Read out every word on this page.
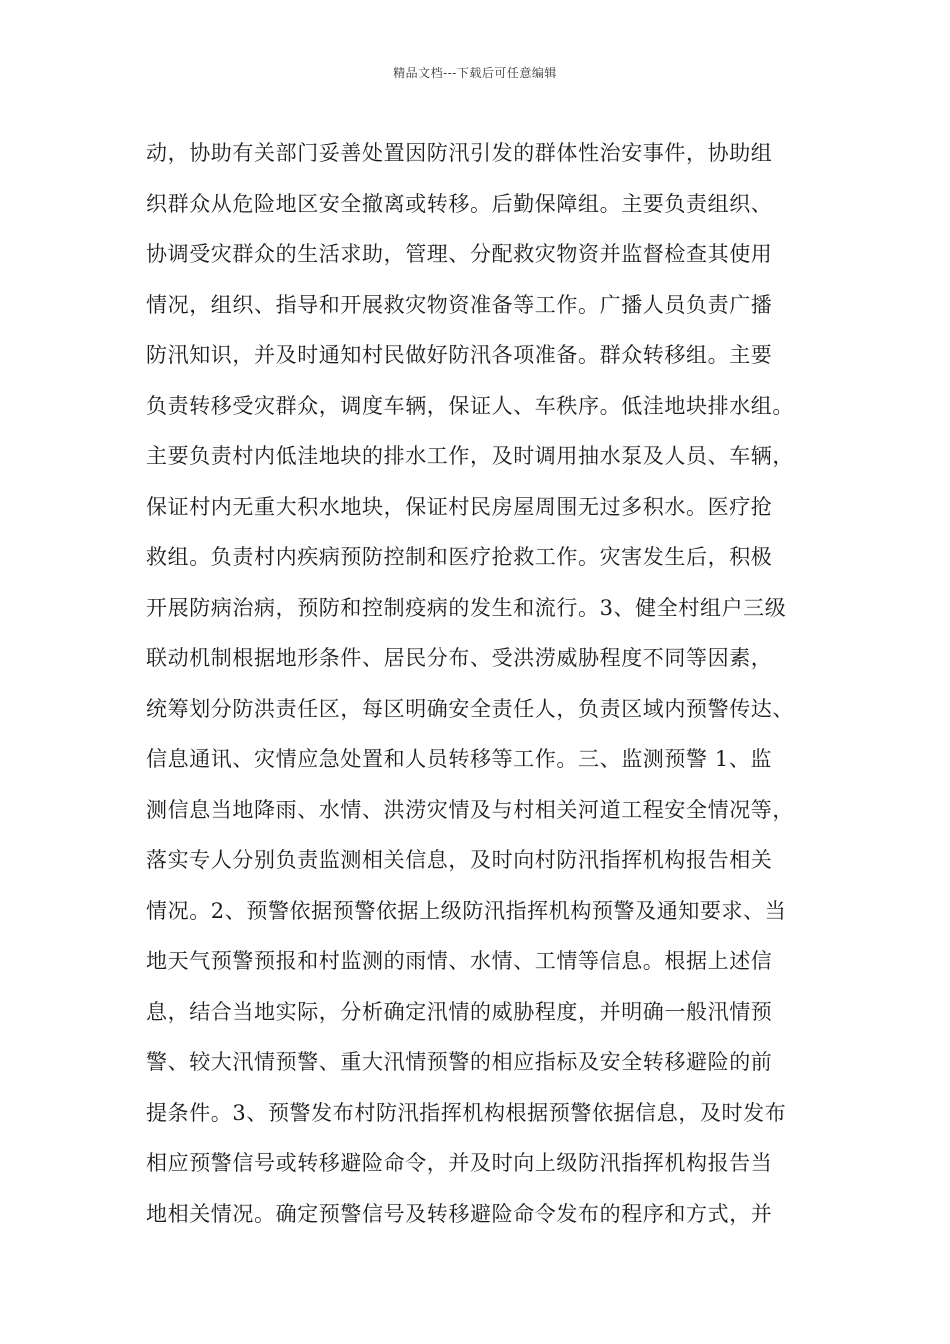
精品文档---下载后可任意编辑
动，协助有关部门妥善处置因防汛引发的群体性治安事件，协助组
织群众从危险地区安全撤离或转移。后勤保障组。主要负责组织、
协调受灾群众的生活求助，管理、分配救灾物资并监督检查其使用
情况，组织、指导和开展救灾物资准备等工作。广播人员负责广播
防汛知识，并及时通知村民做好防汛各项准备。群众转移组。主要
负责转移受灾群众，调度车辆，保证人、车秩序。低洼地块排水组。
主要负责村内低洼地块的排水工作，及时调用抽水泵及人员、车辆，
保证村内无重大积水地块，保证村民房屋周围无过多积水。医疗抢
救组。负责村内疾病预防控制和医疗抢救工作。灾害发生后，积极
开展防病治病，预防和控制疫病的发生和流行。3、健全村组户三级
联动机制根据地形条件、居民分布、受洪涝威胁程度不同等因素，
统筹划分防洪责任区，每区明确安全责任人，负责区域内预警传达、
信息通讯、灾情应急处置和人员转移等工作。三、监测预警 1、监
测信息当地降雨、水情、洪涝灾情及与村相关河道工程安全情况等，
落实专人分别负责监测相关信息，及时向村防汛指挥机构报告相关
情况。2、预警依据预警依据上级防汛指挥机构预警及通知要求、当
地天气预警预报和村监测的雨情、水情、工情等信息。根据上述信
息，结合当地实际，分析确定汛情的威胁程度，并明确一般汛情预
警、较大汛情预警、重大汛情预警的相应指标及安全转移避险的前
提条件。3、预警发布村防汛指挥机构根据预警依据信息，及时发布
相应预警信号或转移避险命令，并及时向上级防汛指挥机构报告当
地相关情况。确定预警信号及转移避险命令发布的程序和方式，并
